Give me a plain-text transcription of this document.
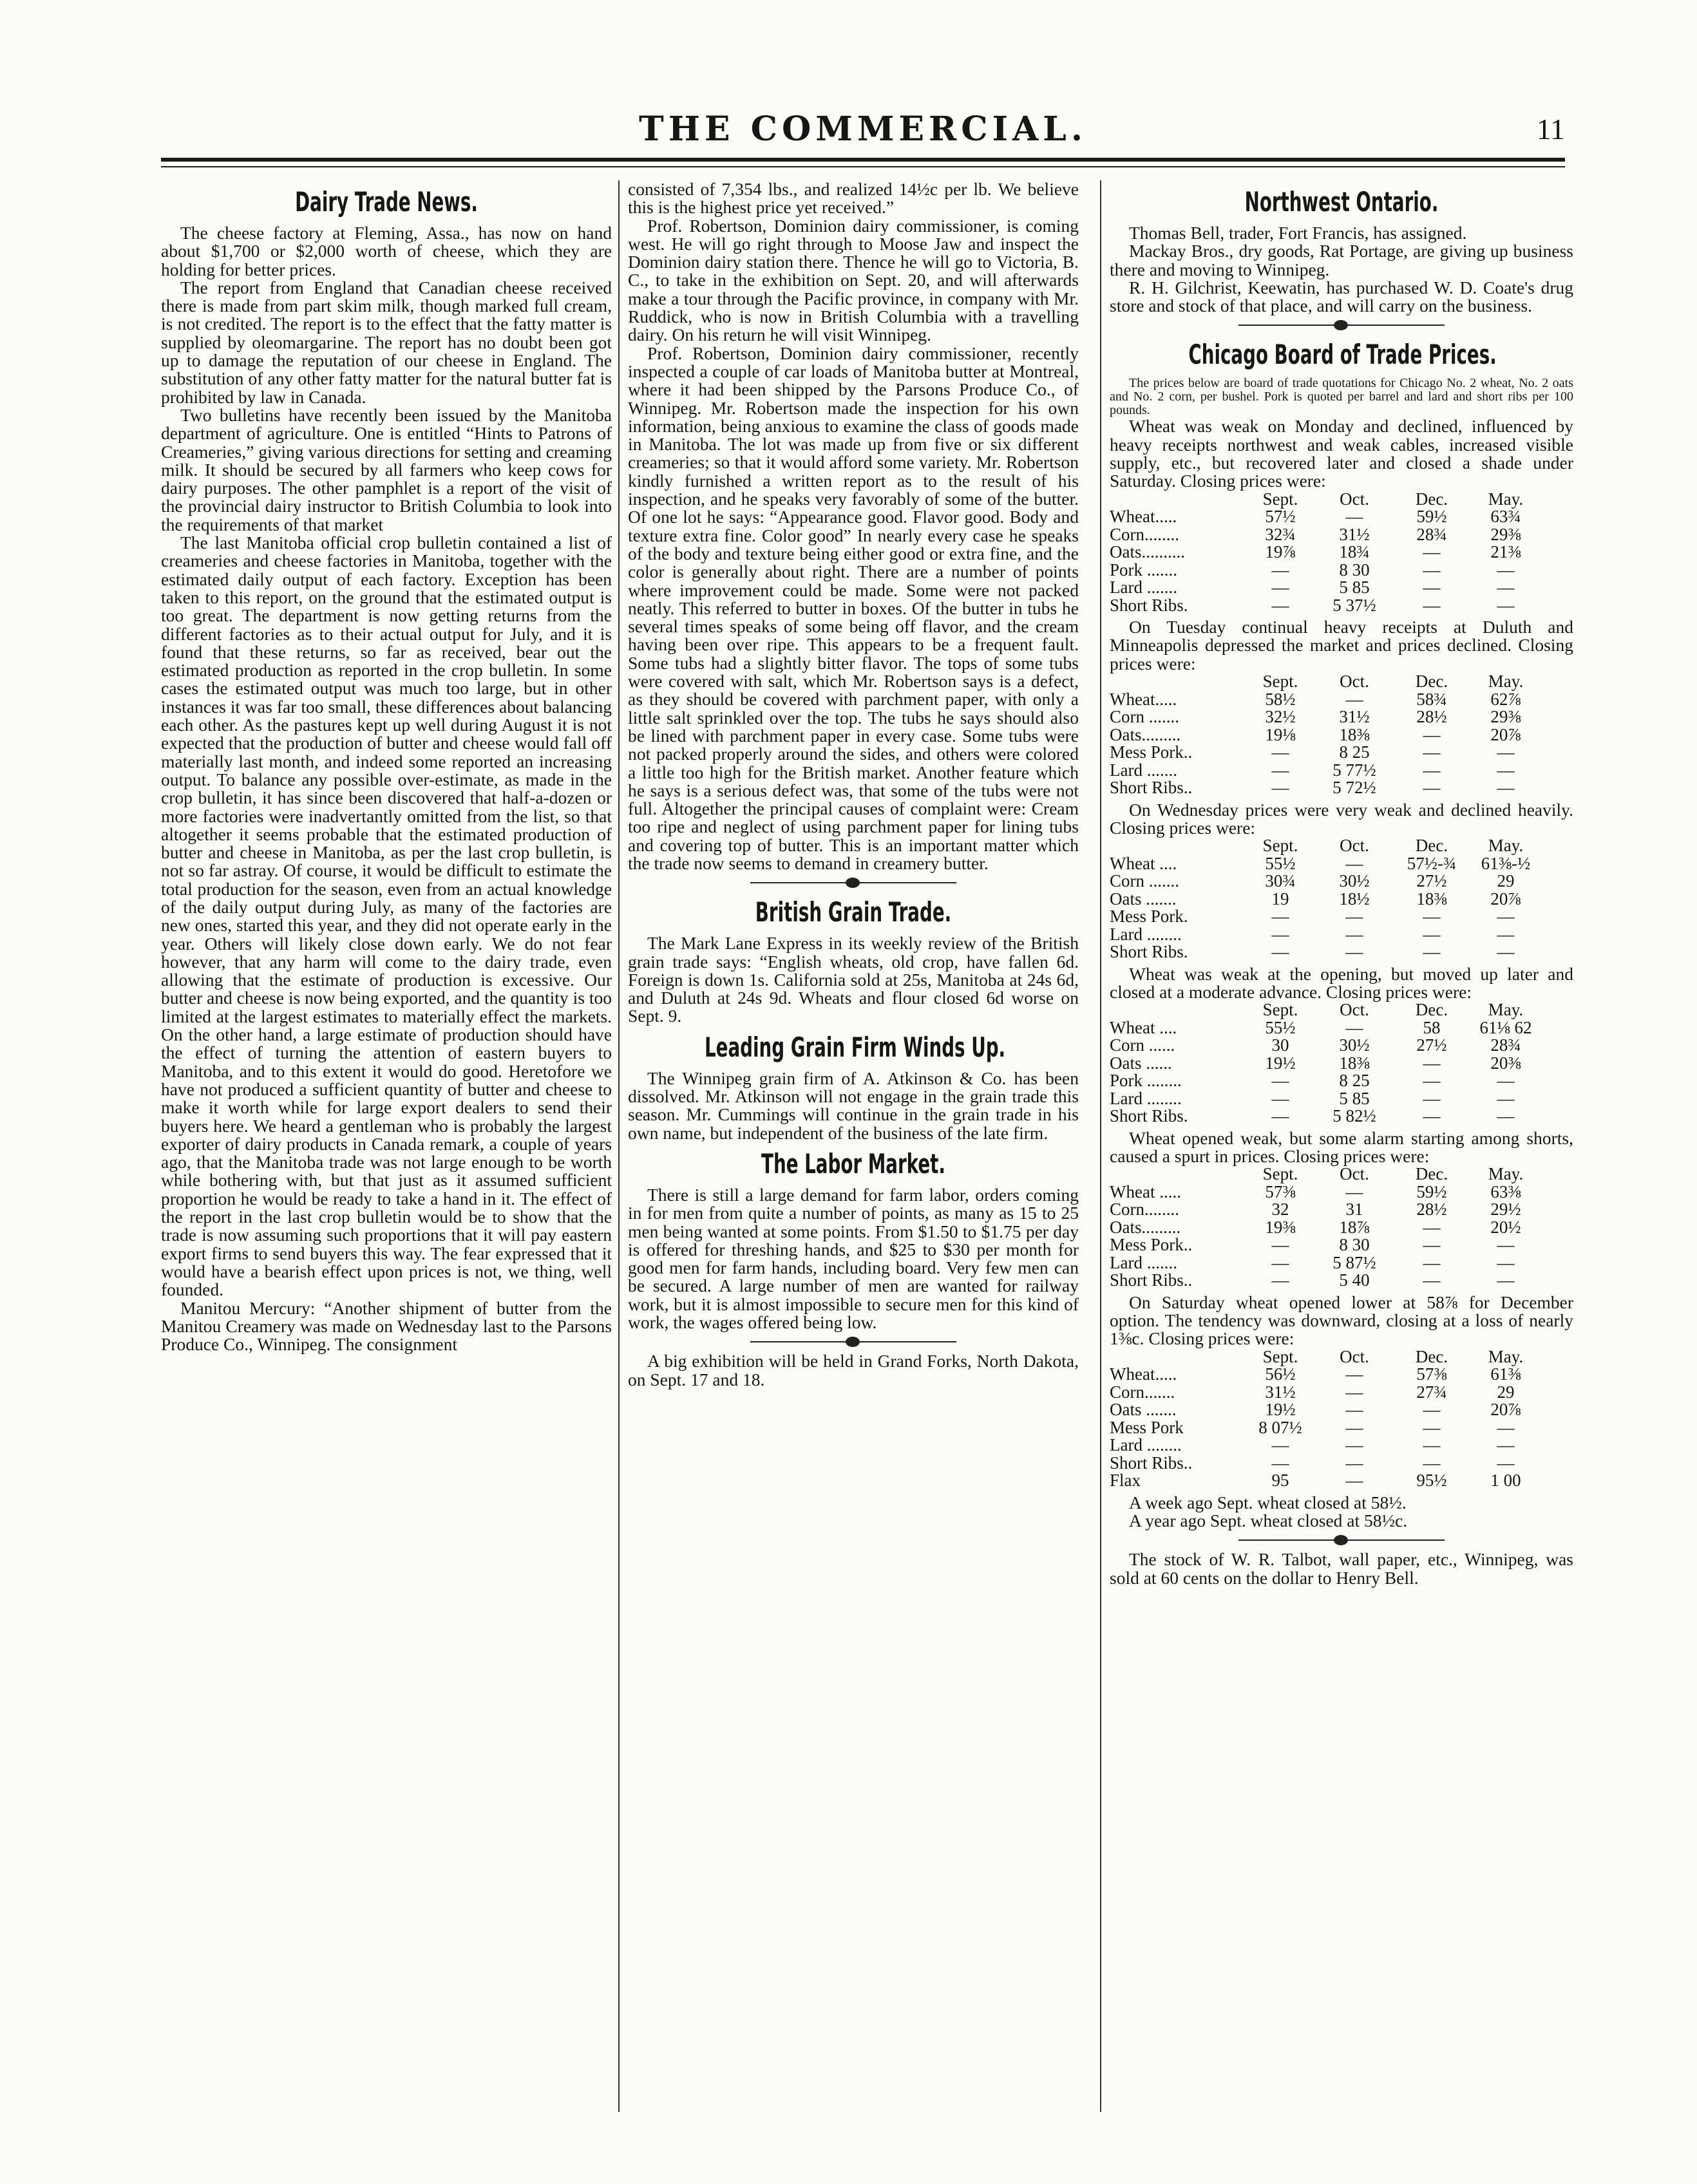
THE COMMERCIAL.	11
Dairy Trade News.

The cheese factory at Fleming, Assa., has now on hand about $1,700 or $2,000 worth of cheese, which they are holding for better prices.

The report from England that Canadian cheese received there is made from part skim milk, though marked full cream, is not credited. The report is to the effect that the fatty matter is supplied by oleomargarine. The report has no doubt been got up to damage the reputation of our cheese in England. The substitution of any other fatty matter for the natural butter fat is prohibited by law in Canada.

Two bulletins have recently been issued by the Manitoba department of agriculture. One is entitled “Hints to Patrons of Creameries,” giving various directions for setting and creaming milk. It should be secured by all farmers who keep cows for dairy purposes. The other pamphlet is a report of the visit of the provincial dairy instructor to British Columbia to look into the requirements of that market

The last Manitoba official crop bulletin contained a list of creameries and cheese factories in Manitoba, together with the estimated daily output of each factory. Exception has been taken to this report, on the ground that the estimated output is too great. The department is now getting returns from the different factories as to their actual output for July, and it is found that these returns, so far as received, bear out the estimated production as reported in the crop bulletin. In some cases the estimated output was much too large, but in other instances it was far too small, these differences about balancing each other. As the pastures kept up well during August it is not expected that the production of butter and cheese would fall off materially last month, and indeed some reported an increasing output. To balance any possible over-estimate, as made in the crop bulletin, it has since been discovered that half-a-dozen or more factories were inadvertantly omitted from the list, so that altogether it seems probable that the estimated production of butter and cheese in Manitoba, as per the last crop bulletin, is not so far astray. Of course, it would be difficult to estimate the total production for the season, even from an actual knowledge of the daily output during July, as many of the factories are new ones, started this year, and they did not operate early in the year. Others will likely close down early. We do not fear however, that any harm will come to the dairy trade, even allowing that the estimate of production is excessive. Our butter and cheese is now being exported, and the quantity is too limited at the largest estimates to materially effect the markets. On the other hand, a large estimate of production should have the effect of turning the attention of eastern buyers to Manitoba, and to this extent it would do good. Heretofore we have not produced a sufficient quantity of butter and cheese to make it worth while for large export dealers to send their buyers here. We heard a gentleman who is probably the largest exporter of dairy products in Canada remark, a couple of years ago, that the Manitoba trade was not large enough to be worth while bothering with, but that just as it assumed sufficient proportion he would be ready to take a hand in it. The effect of the report in the last crop bulletin would be to show that the trade is now assuming such proportions that it will pay eastern export firms to send buyers this way. The fear expressed that it would have a bearish effect upon prices is not, we thing, well founded.

Manitou Mercury: “Another shipment of butter from the Manitou Creamery was made on Wednesday last to the Parsons Produce Co., Winnipeg. The consignment

consisted of 7,354 lbs., and realized 14½c per lb. We believe this is the highest price yet received.”

Prof. Robertson, Dominion dairy commissioner, is coming west. He will go right through to Moose Jaw and inspect the Dominion dairy station there. Thence he will go to Victoria, B. C., to take in the exhibition on Sept. 20, and will afterwards make a tour through the Pacific province, in company with Mr. Ruddick, who is now in British Columbia with a travelling dairy. On his return he will visit Winnipeg.

Prof. Robertson, Dominion dairy commissioner, recently inspected a couple of car loads of Manitoba butter at Montreal, where it had been shipped by the Parsons Produce Co., of Winnipeg. Mr. Robertson made the inspection for his own information, being anxious to examine the class of goods made in Manitoba. The lot was made up from five or six different creameries; so that it would afford some variety. Mr. Robertson kindly furnished a written report as to the result of his inspection, and he speaks very favorably of some of the butter. Of one lot he says: “Appearance good. Flavor good. Body and texture extra fine. Color good” In nearly every case he speaks of the body and texture being either good or extra fine, and the color is generally about right. There are a number of points where improvement could be made. Some were not packed neatly. This referred to butter in boxes. Of the butter in tubs he several times speaks of some being off flavor, and the cream having been over ripe. This appears to be a frequent fault. Some tubs had a slightly bitter flavor. The tops of some tubs were covered with salt, which Mr. Robertson says is a defect, as they should be covered with parchment paper, with only a little salt sprinkled over the top. The tubs he says should also be lined with parchment paper in every case. Some tubs were not packed properly around the sides, and others were colored a little too high for the British market. Another feature which he says is a serious defect was, that some of the tubs were not full. Altogether the principal causes of complaint were: Cream too ripe and neglect of using parchment paper for lining tubs and covering top of butter. This is an important matter which the trade now seems to demand in creamery butter.

British Grain Trade.

The Mark Lane Express in its weekly review of the British grain trade says: “English wheats, old crop, have fallen 6d. Foreign is down 1s. California sold at 25s, Manitoba at 24s 6d, and Duluth at 24s 9d. Wheats and flour closed 6d worse on Sept. 9.

Leading Grain Firm Winds Up.

The Winnipeg grain firm of A. Atkinson & Co. has been dissolved. Mr. Atkinson will not engage in the grain trade this season. Mr. Cummings will continue in the grain trade in his own name, but independent of the business of the late firm.

The Labor Market.

There is still a large demand for farm labor, orders coming in for men from quite a number of points, as many as 15 to 25 men being wanted at some points. From $1.50 to $1.75 per day is offered for threshing hands, and $25 to $30 per month for good men for farm hands, including board. Very few men can be secured. A large number of men are wanted for railway work, but it is almost impossible to secure men for this kind of work, the wages offered being low.

A big exhibition will be held in Grand Forks, North Dakota, on Sept. 17 and 18.

Northwest Ontario.

Thomas Bell, trader, Fort Francis, has assigned.

Mackay Bros., dry goods, Rat Portage, are giving up business there and moving to Winnipeg.

R. H. Gilchrist, Keewatin, has purchased W. D. Coate's drug store and stock of that place, and will carry on the business.

Chicago Board of Trade Prices.

The prices below are board of trade quotations for Chicago No. 2 wheat, No. 2 oats and No. 2 corn, per bushel. Pork is quoted per barrel and lard and short ribs per 100 pounds.

Wheat was weak on Monday and declined, influenced by heavy receipts northwest and weak cables, increased visible supply, etc., but recovered later and closed a shade under Saturday. Closing prices were:

Sept.	Oct.	Dec.	May.
Wheat.....	57½	—	59½	63¾
Corn........	32¾	31½	28¾	29⅜
Oats..........	19⅞	18¾	—	21⅜
Pork .......	—	8 30	—	—
Lard .......	—	5 85	—	—
Short Ribs.	—	5 37½	—	—

On Tuesday continual heavy receipts at Duluth and Minneapolis depressed the market and prices declined. Closing prices were:

Sept.	Oct.	Dec.	May.
Wheat.....	58½	—	58¾	62⅞
Corn .......	32½	31½	28½	29⅜
Oats.........	19⅛	18⅜	—	20⅞
Mess Pork..	—	8 25	—	—
Lard .......	—	5 77½	—	—
Short Ribs..	—	5 72½	—	—

On Wednesday prices were very weak and declined heavily. Closing prices were:

Sept.	Oct.	Dec.	May.
Wheat ....	55½	—	57½-¾	61⅜-½
Corn .......	30¾	30½	27½	29
Oats .......	19	18½	18⅜	20⅞
Mess Pork.	—	—	—	—
Lard ........	—	—	—	—
Short Ribs.	—	—	—	—

Wheat was weak at the opening, but moved up later and closed at a moderate advance. Closing prices were:

Sept.	Oct.	Dec.	May.
Wheat ....	55½	—	58	61⅛ 62
Corn ......	30	30½	27½	28¾
Oats ......	19½	18⅜	—	20⅜
Pork ........	—	8 25	—	—
Lard ........	—	5 85	—	—
Short Ribs.	—	5 82½	—	—

Wheat opened weak, but some alarm starting among shorts, caused a spurt in prices. Closing prices were:

Sept.	Oct.	Dec.	May.
Wheat .....	57⅜	—	59½	63⅜
Corn........	32	31	28½	29½
Oats.........	19⅜	18⅞	—	20½
Mess Pork..	—	8 30	—	—
Lard .......	—	5 87½	—	—
Short Ribs..	—	5 40	—	—

On Saturday wheat opened lower at 58⅞ for December option. The tendency was downward, closing at a loss of nearly 1⅜c. Closing prices were:

Sept.	Oct.	Dec.	May.
Wheat.....	56½	—	57⅜	61⅜
Corn.......	31½	—	27¾	29
Oats .......	19½	—	—	20⅞
Mess Pork	8 07½	—	—	—
Lard ........	—	—	—	—
Short Ribs..	—	—	—	—
Flax	95	—	95½	1 00

A week ago Sept. wheat closed at 58½.

A year ago Sept. wheat closed at 58½c.

The stock of W. R. Talbot, wall paper, etc., Winnipeg, was sold at 60 cents on the dollar to Henry Bell.
